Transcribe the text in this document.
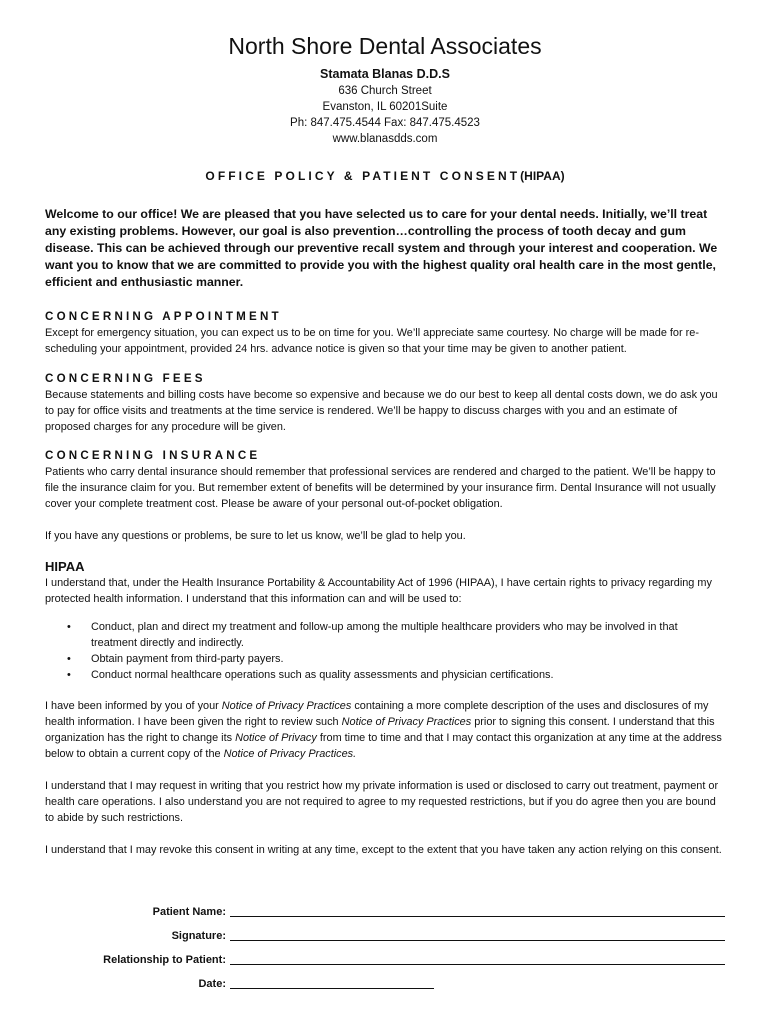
North Shore Dental Associates
Stamata Blanas D.D.S
636 Church Street
Evanston, IL 60201Suite
Ph: 847.475.4544 Fax: 847.475.4523
www.blanasdds.com
OFFICE POLICY & PATIENT CONSENT(HIPAA)
Welcome to our office! We are pleased that you have selected us to care for your dental needs. Initially, we’ll treat any existing problems. However, our goal is also prevention…controlling the process of tooth decay and gum disease. This can be achieved through our preventive recall system and through your interest and cooperation. We want you to know that we are committed to provide you with the highest quality oral health care in the most gentle, efficient and enthusiastic manner.
CONCERNING APPOINTMENT
Except for emergency situation, you can expect us to be on time for you. We’ll appreciate same courtesy. No charge will be made for re-scheduling your appointment, provided 24 hrs. advance notice is given so that your time may be given to another patient.
CONCERNING FEES
Because statements and billing costs have become so expensive and because we do our best to keep all dental costs down, we do ask you to pay for office visits and treatments at the time service is rendered. We’ll be happy to discuss charges with you and an estimate of proposed charges for any procedure will be given.
CONCERNING INSURANCE
Patients who carry dental insurance should remember that professional services are rendered and charged to the patient. We’ll be happy to file the insurance claim for you. But remember extent of benefits will be determined by your insurance firm. Dental Insurance will not usually cover your complete treatment cost. Please be aware of your personal out-of-pocket obligation.
If you have any questions or problems, be sure to let us know, we’ll be glad to help you.
HIPAA
I understand that, under the Health Insurance Portability & Accountability Act of 1996 (HIPAA), I have certain rights to privacy regarding my protected health information. I understand that this information can and will be used to:
• Conduct, plan and direct my treatment and follow-up among the multiple healthcare providers who may be involved in that treatment directly and indirectly.
• Obtain payment from third-party payers.
• Conduct normal healthcare operations such as quality assessments and physician certifications.
I have been informed by you of your Notice of Privacy Practices containing a more complete description of the uses and disclosures of my health information. I have been given the right to review such Notice of Privacy Practices prior to signing this consent. I understand that this organization has the right to change its Notice of Privacy from time to time and that I may contact this organization at any time at the address below to obtain a current copy of the Notice of Privacy Practices.
I understand that I may request in writing that you restrict how my private information is used or disclosed to carry out treatment, payment or health care operations. I also understand you are not required to agree to my requested restrictions, but if you do agree then you are bound to abide by such restrictions.
I understand that I may revoke this consent in writing at any time, except to the extent that you have taken any action relying on this consent.
Patient Name:
Signature:
Relationship to Patient:
Date:
